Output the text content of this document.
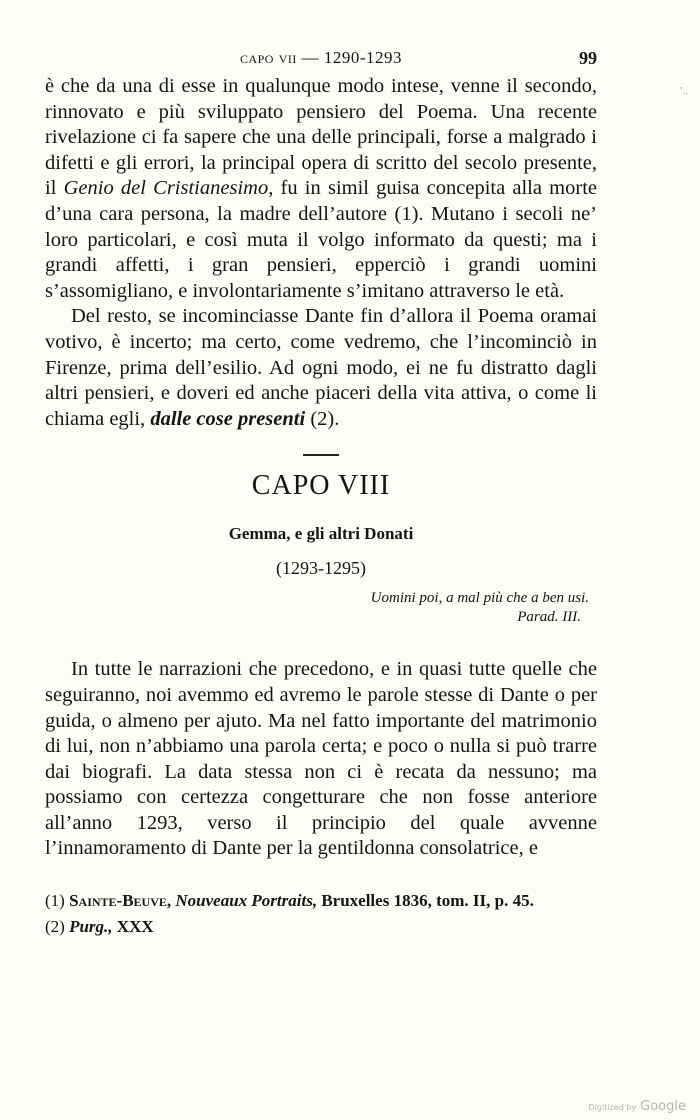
’..
capo vii — 1290-1293	99

è che da una di esse in qualunque modo intese, venne il secondo, rinnovato e più sviluppato pensiero del Poema. Una recente rivelazione ci fa sapere che una delle principali, forse a malgrado i difetti e gli errori, la principal opera di scritto del secolo presente, il Genio del Cristianesimo, fu in simil guisa concepita alla morte d’una cara persona, la madre dell’autore (1). Mutano i secoli ne’ loro particolari, e così muta il volgo informato da questi; ma i grandi affetti, i gran pensieri, epperciò i grandi uomini s’assomigliano, e involontariamente s’imitano attraverso le età.

Del resto, se incominciasse Dante fin d’allora il Poema oramai votivo, è incerto; ma certo, come vedremo, che l’incominciò in Firenze, prima dell’esilio. Ad ogni modo, ei ne fu distratto dagli altri pensieri, e doveri ed anche piaceri della vita attiva, o come li chiama egli, dalle cose presenti (2).

CAPO VIII
Gemma, e gli altri Donati
(1293-1295)
Uomini poi, a mal più che a ben usi.
Parad. III.

In tutte le narrazioni che precedono, e in quasi tutte quelle che seguiranno, noi avemmo ed avremo le parole stesse di Dante o per guida, o almeno per ajuto. Ma nel fatto importante del matrimonio di lui, non n’abbiamo una parola certa; e poco o nulla si può trarre dai biografi. La data stessa non ci è recata da nessuno; ma possiamo con certezza congetturare che non fosse anteriore all’anno 1293, verso il principio del quale avvenne l’innamoramento di Dante per la gentildonna consolatrice, e

(1) Sainte-Beuve, Nouveaux Portraits, Bruxelles 1836, tom. II, p. 45.
(2) Purg., XXX
Digitized by Google
